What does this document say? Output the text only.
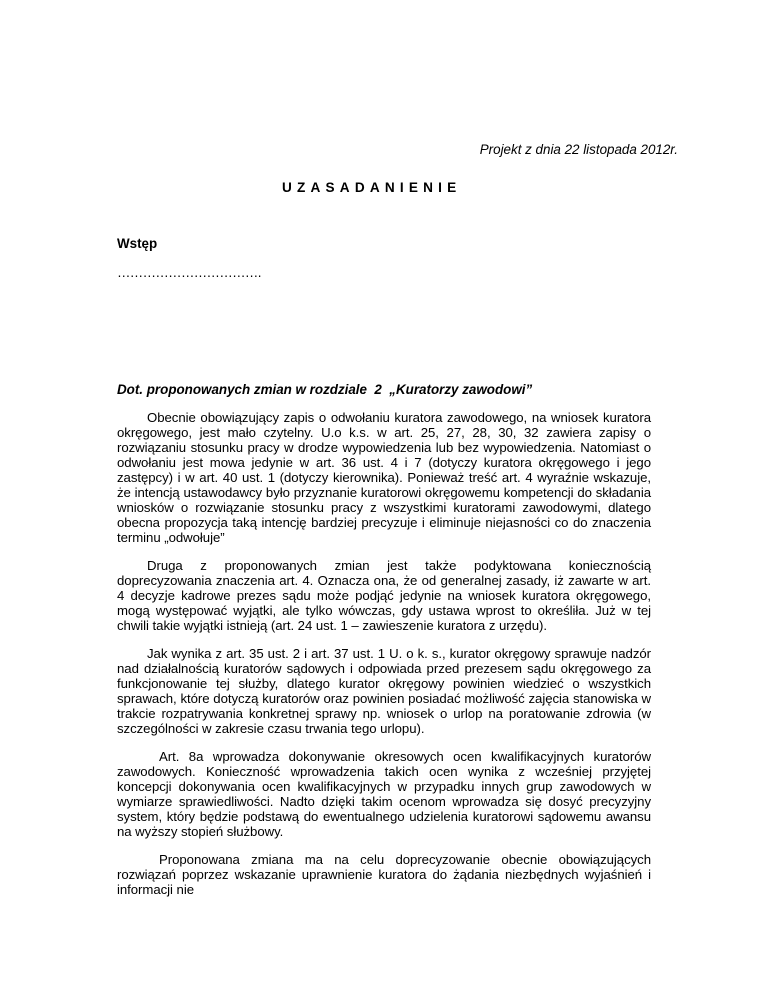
Projekt z dnia 22 listopada 2012r.
UZASADANIENIE
Wstęp
…………………………….
Dot. proponowanych zmian w rozdziale  2  „Kuratorzy zawodowi”

Obecnie obowiązujący zapis o odwołaniu kuratora zawodowego, na wniosek kuratora okręgowego, jest mało czytelny. U.o k.s. w art. 25, 27, 28, 30, 32 zawiera zapisy o rozwiązaniu stosunku pracy w drodze wypowiedzenia lub bez wypowiedzenia. Natomiast o odwołaniu jest mowa jedynie w art. 36 ust. 4 i 7 (dotyczy kuratora okręgowego i jego zastępcy) i w art. 40 ust. 1 (dotyczy kierownika). Ponieważ treść art. 4 wyraźnie wskazuje, że intencją ustawodawcy było przyznanie kuratorowi okręgowemu kompetencji do składania wniosków o rozwiązanie stosunku pracy z wszystkimi kuratorami zawodowymi, dlatego obecna propozycja taką intencję bardziej precyzuje i eliminuje niejasności co do znaczenia terminu „odwołuje”

Druga z proponowanych zmian jest także podyktowana koniecznością doprecyzowania znaczenia art. 4. Oznacza ona, że od generalnej zasady, iż zawarte w art. 4 decyzje kadrowe prezes sądu może podjąć jedynie na wniosek kuratora okręgowego, mogą występować wyjątki, ale tylko wówczas, gdy ustawa wprost to określiła. Już w tej chwili takie wyjątki istnieją (art. 24 ust. 1 – zawieszenie kuratora z urzędu).

Jak wynika z art. 35 ust. 2 i art. 37 ust. 1 U. o k. s., kurator okręgowy sprawuje nadzór nad działalnością kuratorów sądowych i odpowiada przed prezesem sądu okręgowego za funkcjonowanie tej służby, dlatego kurator okręgowy powinien wiedzieć o wszystkich sprawach, które dotyczą kuratorów oraz powinien posiadać możliwość zajęcia stanowiska w trakcie rozpatrywania konkretnej sprawy np. wniosek o urlop na poratowanie zdrowia (w szczególności w zakresie czasu trwania tego urlopu).

Art. 8a wprowadza dokonywanie okresowych ocen kwalifikacyjnych kuratorów zawodowych. Konieczność wprowadzenia takich ocen wynika z wcześniej przyjętej koncepcji dokonywania ocen kwalifikacyjnych w przypadku innych grup zawodowych w wymiarze sprawiedliwości. Nadto dzięki takim ocenom wprowadza się dosyć precyzyjny system, który będzie podstawą do ewentualnego udzielenia kuratorowi sądowemu awansu na wyższy stopień służbowy.

Proponowana zmiana ma na celu doprecyzowanie obecnie obowiązujących rozwiązań poprzez wskazanie uprawnienie kuratora do żądania niezbędnych wyjaśnień i informacji nie
